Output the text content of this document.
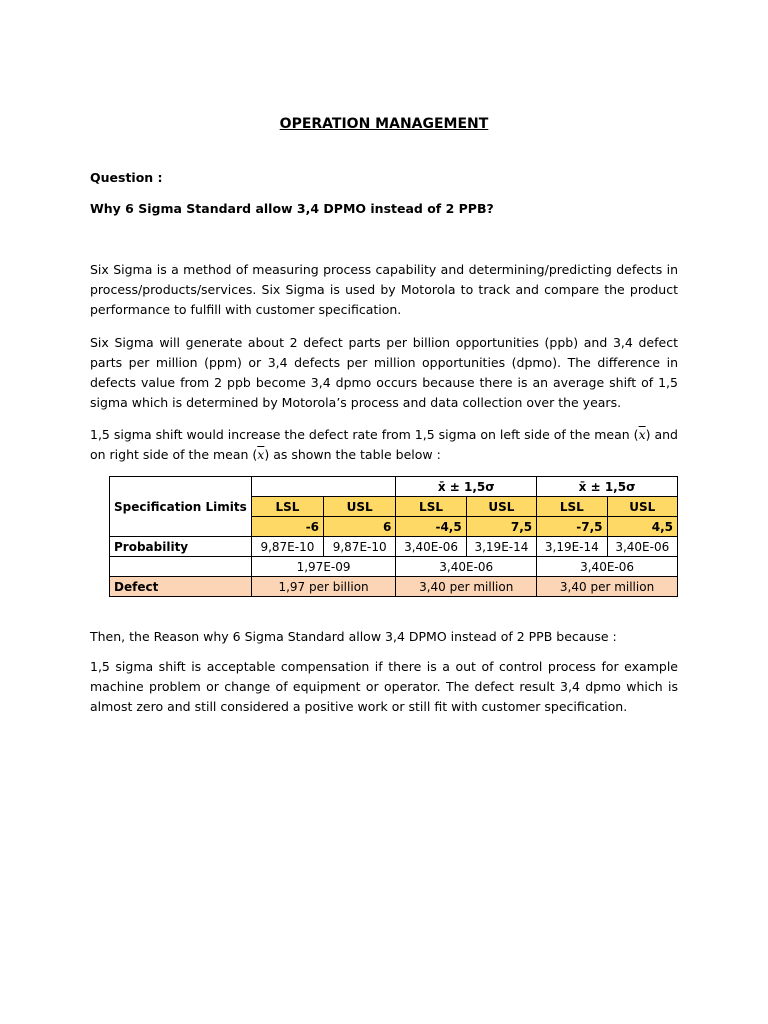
OPERATION MANAGEMENT
Question :
Why 6 Sigma Standard allow 3,4 DPMO instead of 2 PPB?

Six Sigma is a method of measuring process capability and determining/predicting defects in process/products/services. Six Sigma is used by Motorola to track and compare the product performance to fulfill with customer specification.

Six Sigma will generate about 2 defect parts per billion opportunities (ppb) and 3,4 defect parts per million (ppm) or 3,4 defects per million opportunities (dpmo). The difference in defects value from 2 ppb become 3,4 dpmo occurs because there is an average shift of 1,5 sigma which is determined by Motorola’s process and data collection over the years.

1,5 sigma shift would increase the defect rate from 1,5 sigma on left side of the mean $(\overline{x})$ and on right side of the mean $(\overline{x})$ as shown the table below :

Specification Limits			x̄ ± 1,5σ		x̄ ± 1,5σ	
	LSL	USL	LSL	USL	LSL	USL
	-6	6	-4,5	7,5	-7,5	4,5
Probability	9,87E-10	9,87E-10	3,40E-06	3,19E-14	3,19E-14	3,40E-06
	1,97E-09		3,40E-06		3,40E-06	
Defect	1,97 per billion		3,40 per million		3,40 per million	

Then, the Reason why 6 Sigma Standard allow 3,4 DPMO instead of 2 PPB because :

1,5 sigma shift is acceptable compensation if there is a out of control process for example machine problem or change of equipment or operator. The defect result 3,4 dpmo which is almost zero and still considered a positive work or still fit with customer specification.
